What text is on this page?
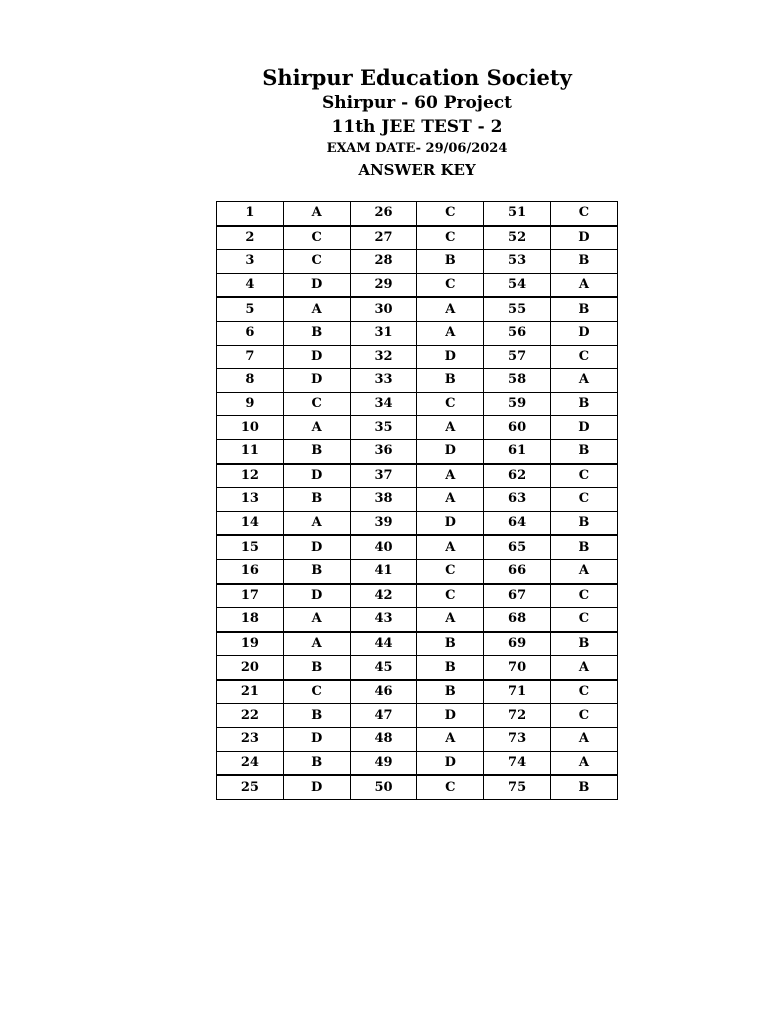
Shirpur Education Society
Shirpur - 60 Project
11th JEE TEST - 2
EXAM DATE- 29/06/2024
ANSWER KEY
1	A	26	C	51	C
2	C	27	C	52	D
3	C	28	B	53	B
4	D	29	C	54	A
5	A	30	A	55	B
6	B	31	A	56	D
7	D	32	D	57	C
8	D	33	B	58	A
9	C	34	C	59	B
10	A	35	A	60	D
11	B	36	D	61	B
12	D	37	A	62	C
13	B	38	A	63	C
14	A	39	D	64	B
15	D	40	A	65	B
16	B	41	C	66	A
17	D	42	C	67	C
18	A	43	A	68	C
19	A	44	B	69	B
20	B	45	B	70	A
21	C	46	B	71	C
22	B	47	D	72	C
23	D	48	A	73	A
24	B	49	D	74	A
25	D	50	C	75	B
